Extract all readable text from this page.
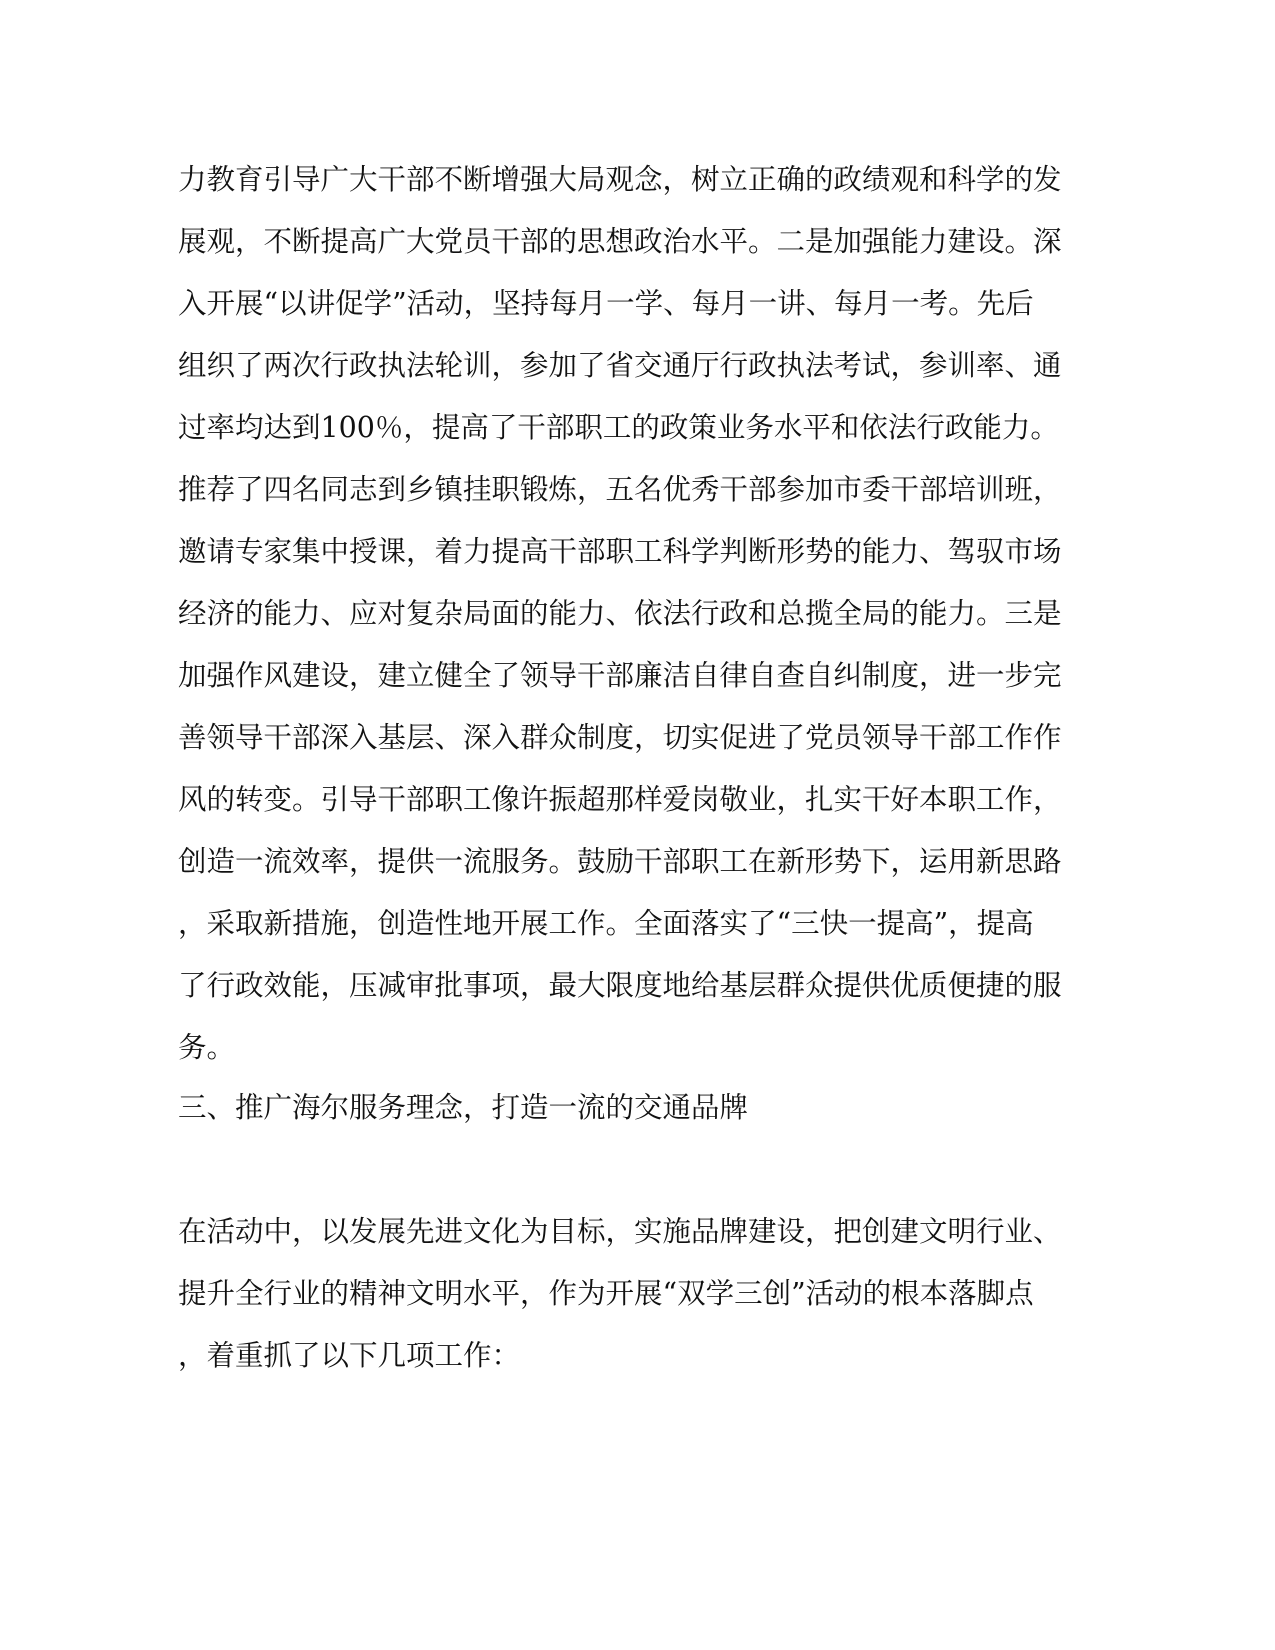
力教育引导广大干部不断增强大局观念，树立正确的政绩观和科学的发
展观，不断提高广大党员干部的思想政治水平。二是加强能力建设。深
入开展“以讲促学”活动，坚持每月一学、每月一讲、每月一考。先后
组织了两次行政执法轮训，参加了省交通厅行政执法考试，参训率、通
过率均达到100％，提高了干部职工的政策业务水平和依法行政能力。
推荐了四名同志到乡镇挂职锻炼，五名优秀干部参加市委干部培训班，
邀请专家集中授课，着力提高干部职工科学判断形势的能力、驾驭市场
经济的能力、应对复杂局面的能力、依法行政和总揽全局的能力。三是
加强作风建设，建立健全了领导干部廉洁自律自查自纠制度，进一步完
善领导干部深入基层、深入群众制度，切实促进了党员领导干部工作作
风的转变。引导干部职工像许振超那样爱岗敬业，扎实干好本职工作，
创造一流效率，提供一流服务。鼓励干部职工在新形势下，运用新思路
，采取新措施，创造性地开展工作。全面落实了“三快一提高”，提高
了行政效能，压减审批事项，最大限度地给基层群众提供优质便捷的服
务。
三、推广海尔服务理念，打造一流的交通品牌
在活动中，以发展先进文化为目标，实施品牌建设，把创建文明行业、
提升全行业的精神文明水平，作为开展“双学三创”活动的根本落脚点
，着重抓了以下几项工作：
